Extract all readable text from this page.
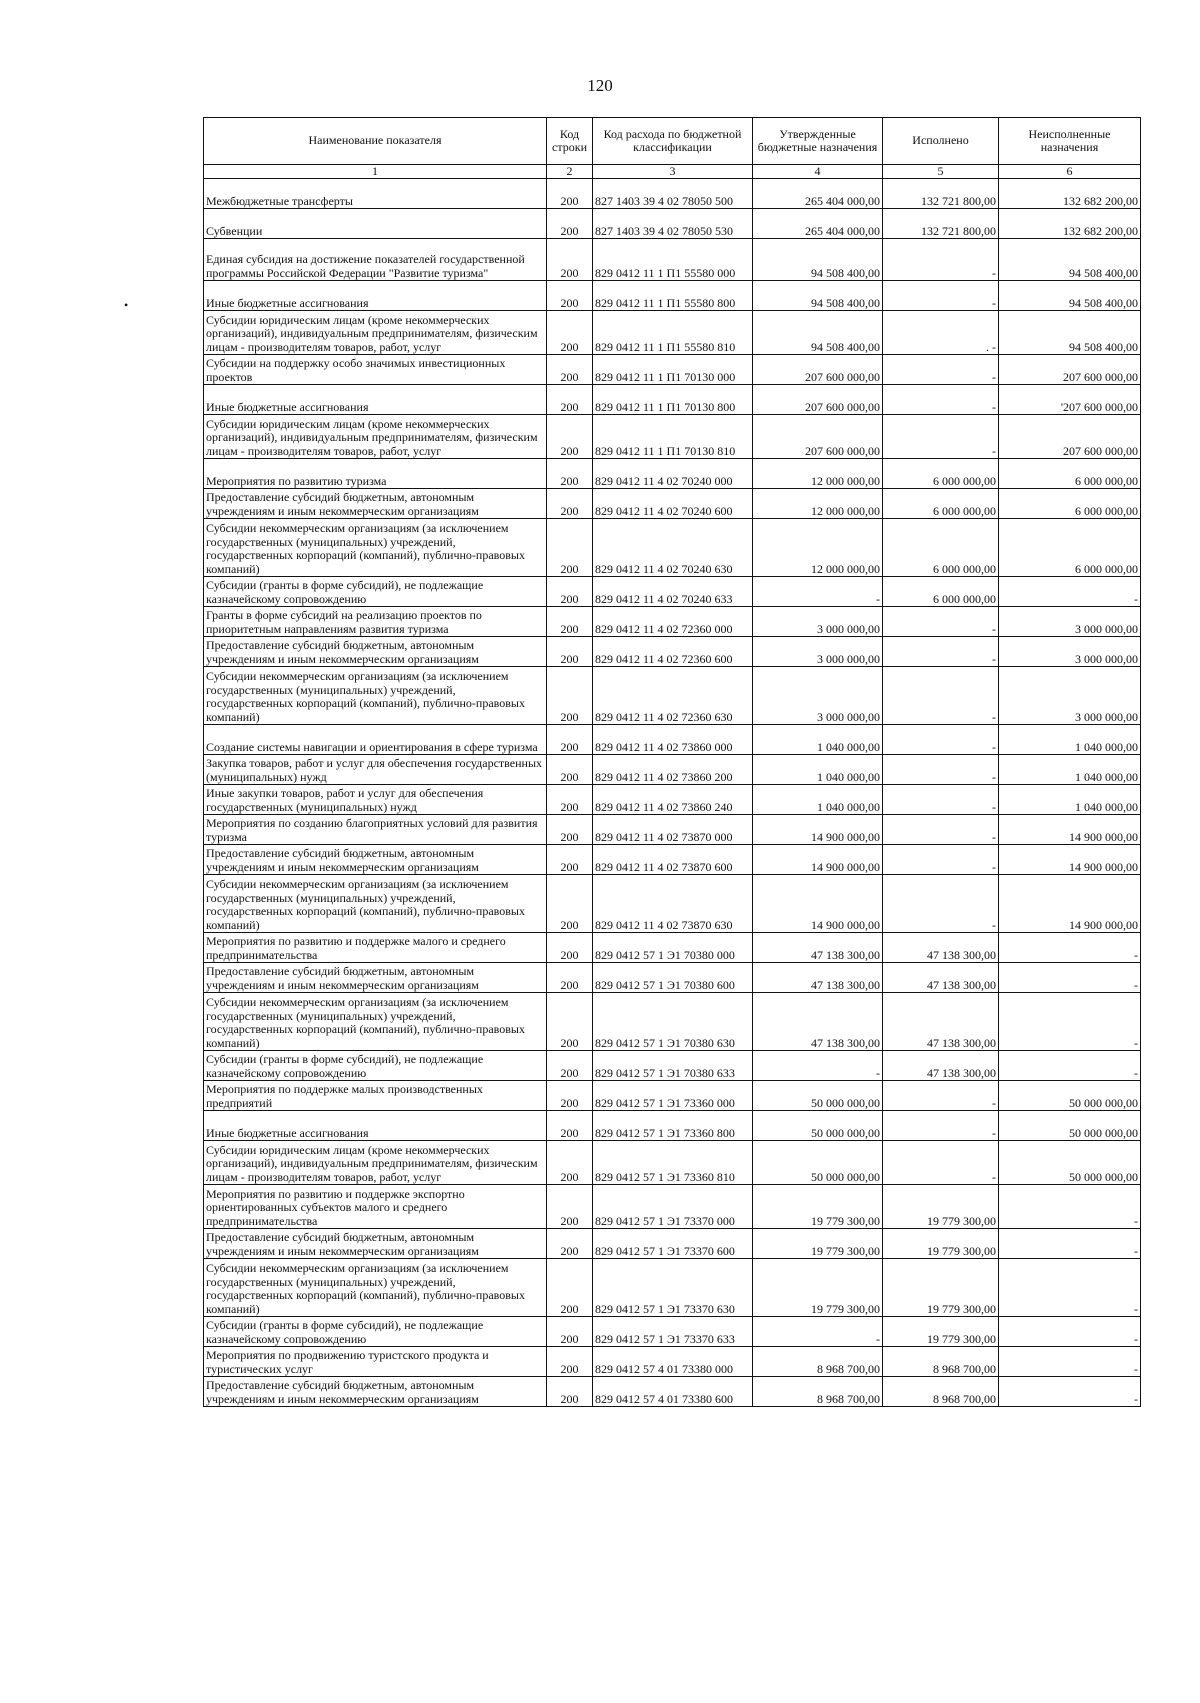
120
•
Наименование показателя	Код строки	Код расхода по бюджетной классификации	Утвержденные бюджетные назначения	Исполнено	Неисполненные назначения
1	2	3	4	5	6
Межбюджетные трансферты	200	827 1403 39 4 02 78050 500	265 404 000,00	132 721 800,00	132 682 200,00
Субвенции	200	827 1403 39 4 02 78050 530	265 404 000,00	132 721 800,00	132 682 200,00
Единая субсидия на достижение показателей государственной программы Российской Федерации "Развитие туризма"	200	829 0412 11 1 П1 55580 000	94 508 400,00	-	94 508 400,00
Иные бюджетные ассигнования	200	829 0412 11 1 П1 55580 800	94 508 400,00	-	94 508 400,00
Субсидии юридическим лицам (кроме некоммерческих организаций), индивидуальным предпринимателям, физическим лицам - производителям товаров, работ, услуг	200	829 0412 11 1 П1 55580 810	94 508 400,00	. -	94 508 400,00
Субсидии на поддержку особо значимых инвестиционных проектов	200	829 0412 11 1 П1 70130 000	207 600 000,00	-	207 600 000,00
Иные бюджетные ассигнования	200	829 0412 11 1 П1 70130 800	207 600 000,00	-	'207 600 000,00
Субсидии юридическим лицам (кроме некоммерческих организаций), индивидуальным предпринимателям, физическим лицам - производителям товаров, работ, услуг	200	829 0412 11 1 П1 70130 810	207 600 000,00	-	207 600 000,00
Мероприятия по развитию туризма	200	829 0412 11 4 02 70240 000	12 000 000,00	6 000 000,00	6 000 000,00
Предоставление субсидий бюджетным, автономным учреждениям и иным некоммерческим организациям	200	829 0412 11 4 02 70240 600	12 000 000,00	6 000 000,00	6 000 000,00
Субсидии некоммерческим организациям (за исключением государственных (муниципальных) учреждений, государственных корпораций (компаний), публично-правовых компаний)	200	829 0412 11 4 02 70240 630	12 000 000,00	6 000 000,00	6 000 000,00
Субсидии (гранты в форме субсидий), не подлежащие казначейскому сопровождению	200	829 0412 11 4 02 70240 633	-	6 000 000,00	-
Гранты в форме субсидий на реализацию проектов по приоритетным направлениям развития туризма	200	829 0412 11 4 02 72360 000	3 000 000,00	-	3 000 000,00
Предоставление субсидий бюджетным, автономным учреждениям и иным некоммерческим организациям	200	829 0412 11 4 02 72360 600	3 000 000,00	-	3 000 000,00
Субсидии некоммерческим организациям (за исключением государственных (муниципальных) учреждений, государственных корпораций (компаний), публично-правовых компаний)	200	829 0412 11 4 02 72360 630	3 000 000,00	-	3 000 000,00
Создание системы навигации и ориентирования в сфере туризма	200	829 0412 11 4 02 73860 000	1 040 000,00	-	1 040 000,00
Закупка товаров, работ и услуг для обеспечения государственных (муниципальных) нужд	200	829 0412 11 4 02 73860 200	1 040 000,00	-	1 040 000,00
Иные закупки товаров, работ и услуг для обеспечения государственных (муниципальных) нужд	200	829 0412 11 4 02 73860 240	1 040 000,00	-	1 040 000,00
Мероприятия по созданию благоприятных условий для развития туризма	200	829 0412 11 4 02 73870 000	14 900 000,00	-	14 900 000,00
Предоставление субсидий бюджетным, автономным учреждениям и иным некоммерческим организациям	200	829 0412 11 4 02 73870 600	14 900 000,00	-	14 900 000,00
Субсидии некоммерческим организациям (за исключением государственных (муниципальных) учреждений, государственных корпораций (компаний), публично-правовых компаний)	200	829 0412 11 4 02 73870 630	14 900 000,00	-	14 900 000,00
Мероприятия по развитию и поддержке малого и среднего предпринимательства	200	829 0412 57 1 Э1 70380 000	47 138 300,00	47 138 300,00	-
Предоставление субсидий бюджетным, автономным учреждениям и иным некоммерческим организациям	200	829 0412 57 1 Э1 70380 600	47 138 300,00	47 138 300,00	-
Субсидии некоммерческим организациям (за исключением государственных (муниципальных) учреждений, государственных корпораций (компаний), публично-правовых компаний)	200	829 0412 57 1 Э1 70380 630	47 138 300,00	47 138 300,00	-
Субсидии (гранты в форме субсидий), не подлежащие казначейскому сопровождению	200	829 0412 57 1 Э1 70380 633	-	47 138 300,00	-
Мероприятия по поддержке малых производственных предприятий	200	829 0412 57 1 Э1 73360 000	50 000 000,00	-	50 000 000,00
Иные бюджетные ассигнования	200	829 0412 57 1 Э1 73360 800	50 000 000,00	-	50 000 000,00
Субсидии юридическим лицам (кроме некоммерческих организаций), индивидуальным предпринимателям, физическим лицам - производителям товаров, работ, услуг	200	829 0412 57 1 Э1 73360 810	50 000 000,00	-	50 000 000,00
Мероприятия по развитию и поддержке экспортно ориентированных субъектов малого и среднего предпринимательства	200	829 0412 57 1 Э1 73370 000	19 779 300,00	19 779 300,00	-
Предоставление субсидий бюджетным, автономным учреждениям и иным некоммерческим организациям	200	829 0412 57 1 Э1 73370 600	19 779 300,00	19 779 300,00	-
Субсидии некоммерческим организациям (за исключением государственных (муниципальных) учреждений, государственных корпораций (компаний), публично-правовых компаний)	200	829 0412 57 1 Э1 73370 630	19 779 300,00	19 779 300,00	-
Субсидии (гранты в форме субсидий), не подлежащие казначейскому сопровождению	200	829 0412 57 1 Э1 73370 633	-	19 779 300,00	-
Мероприятия по продвижению туристского продукта и туристических услуг	200	829 0412 57 4 01 73380 000	8 968 700,00	8 968 700,00	-
Предоставление субсидий бюджетным, автономным учреждениям и иным некоммерческим организациям	200	829 0412 57 4 01 73380 600	8 968 700,00	8 968 700,00	-
